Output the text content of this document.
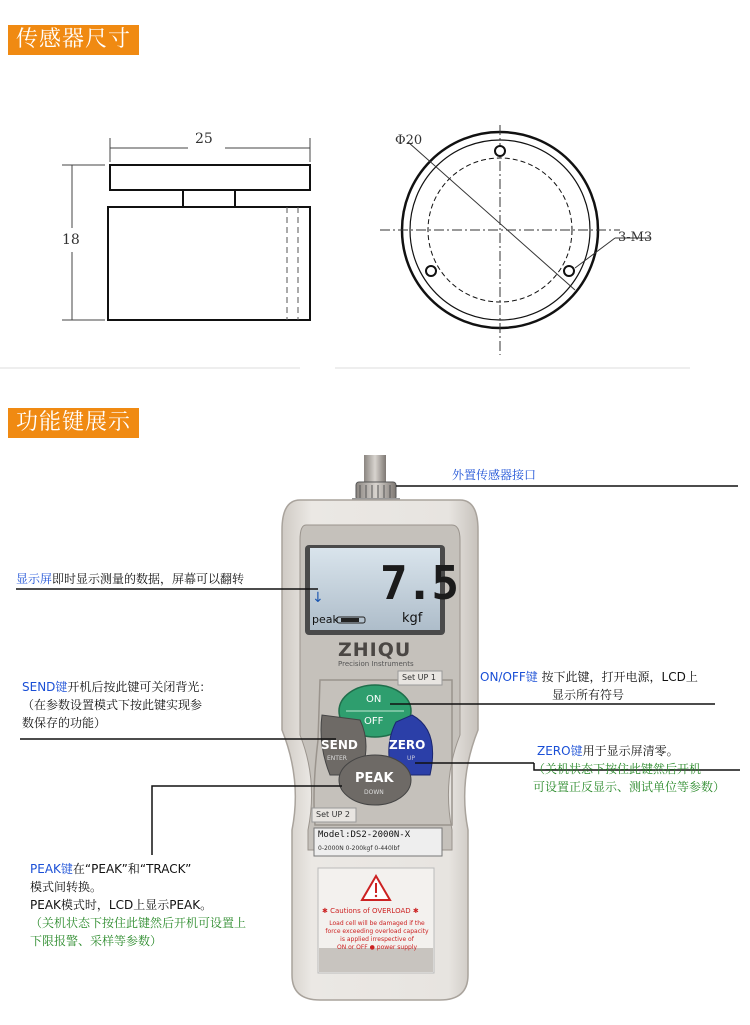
传感器尺寸
功能键展示
25
18
Φ20
3-M3
7.5
↓
peak	kgf
ZHIQU
Precision Instruments
Set UP 1
Set UP 2
ON
OFF
SEND
ENTER
ZERO
UP
PEAK
DOWN
Model:DS2-2000N-X
0-2000N 0-200kgf 0-440lbf
✱ Cautions of OVERLOAD ✱
Load cell will be damaged if the
force exceeding overload capacity
is applied irrespective of
ON or OFF ● power supply
外置传感器接口
显示屏即时显示测量的数据，屏幕可以翻转
SEND键开机后按此键可关闭背光：
（在参数设置模式下按此键实现参
数保存的功能）
ON/OFF键 按下此键，打开电源，LCD上
显示所有符号
ZERO键用于显示屏清零。
（关机状态下按住此键然后开机
可设置正反显示、测试单位等参数）
PEAK键在“PEAK”和“TRACK”
模式间转换。
PEAK模式时，LCD上显示PEAK。
（关机状态下按住此键然后开机可设置上
下限报警、采样等参数）
